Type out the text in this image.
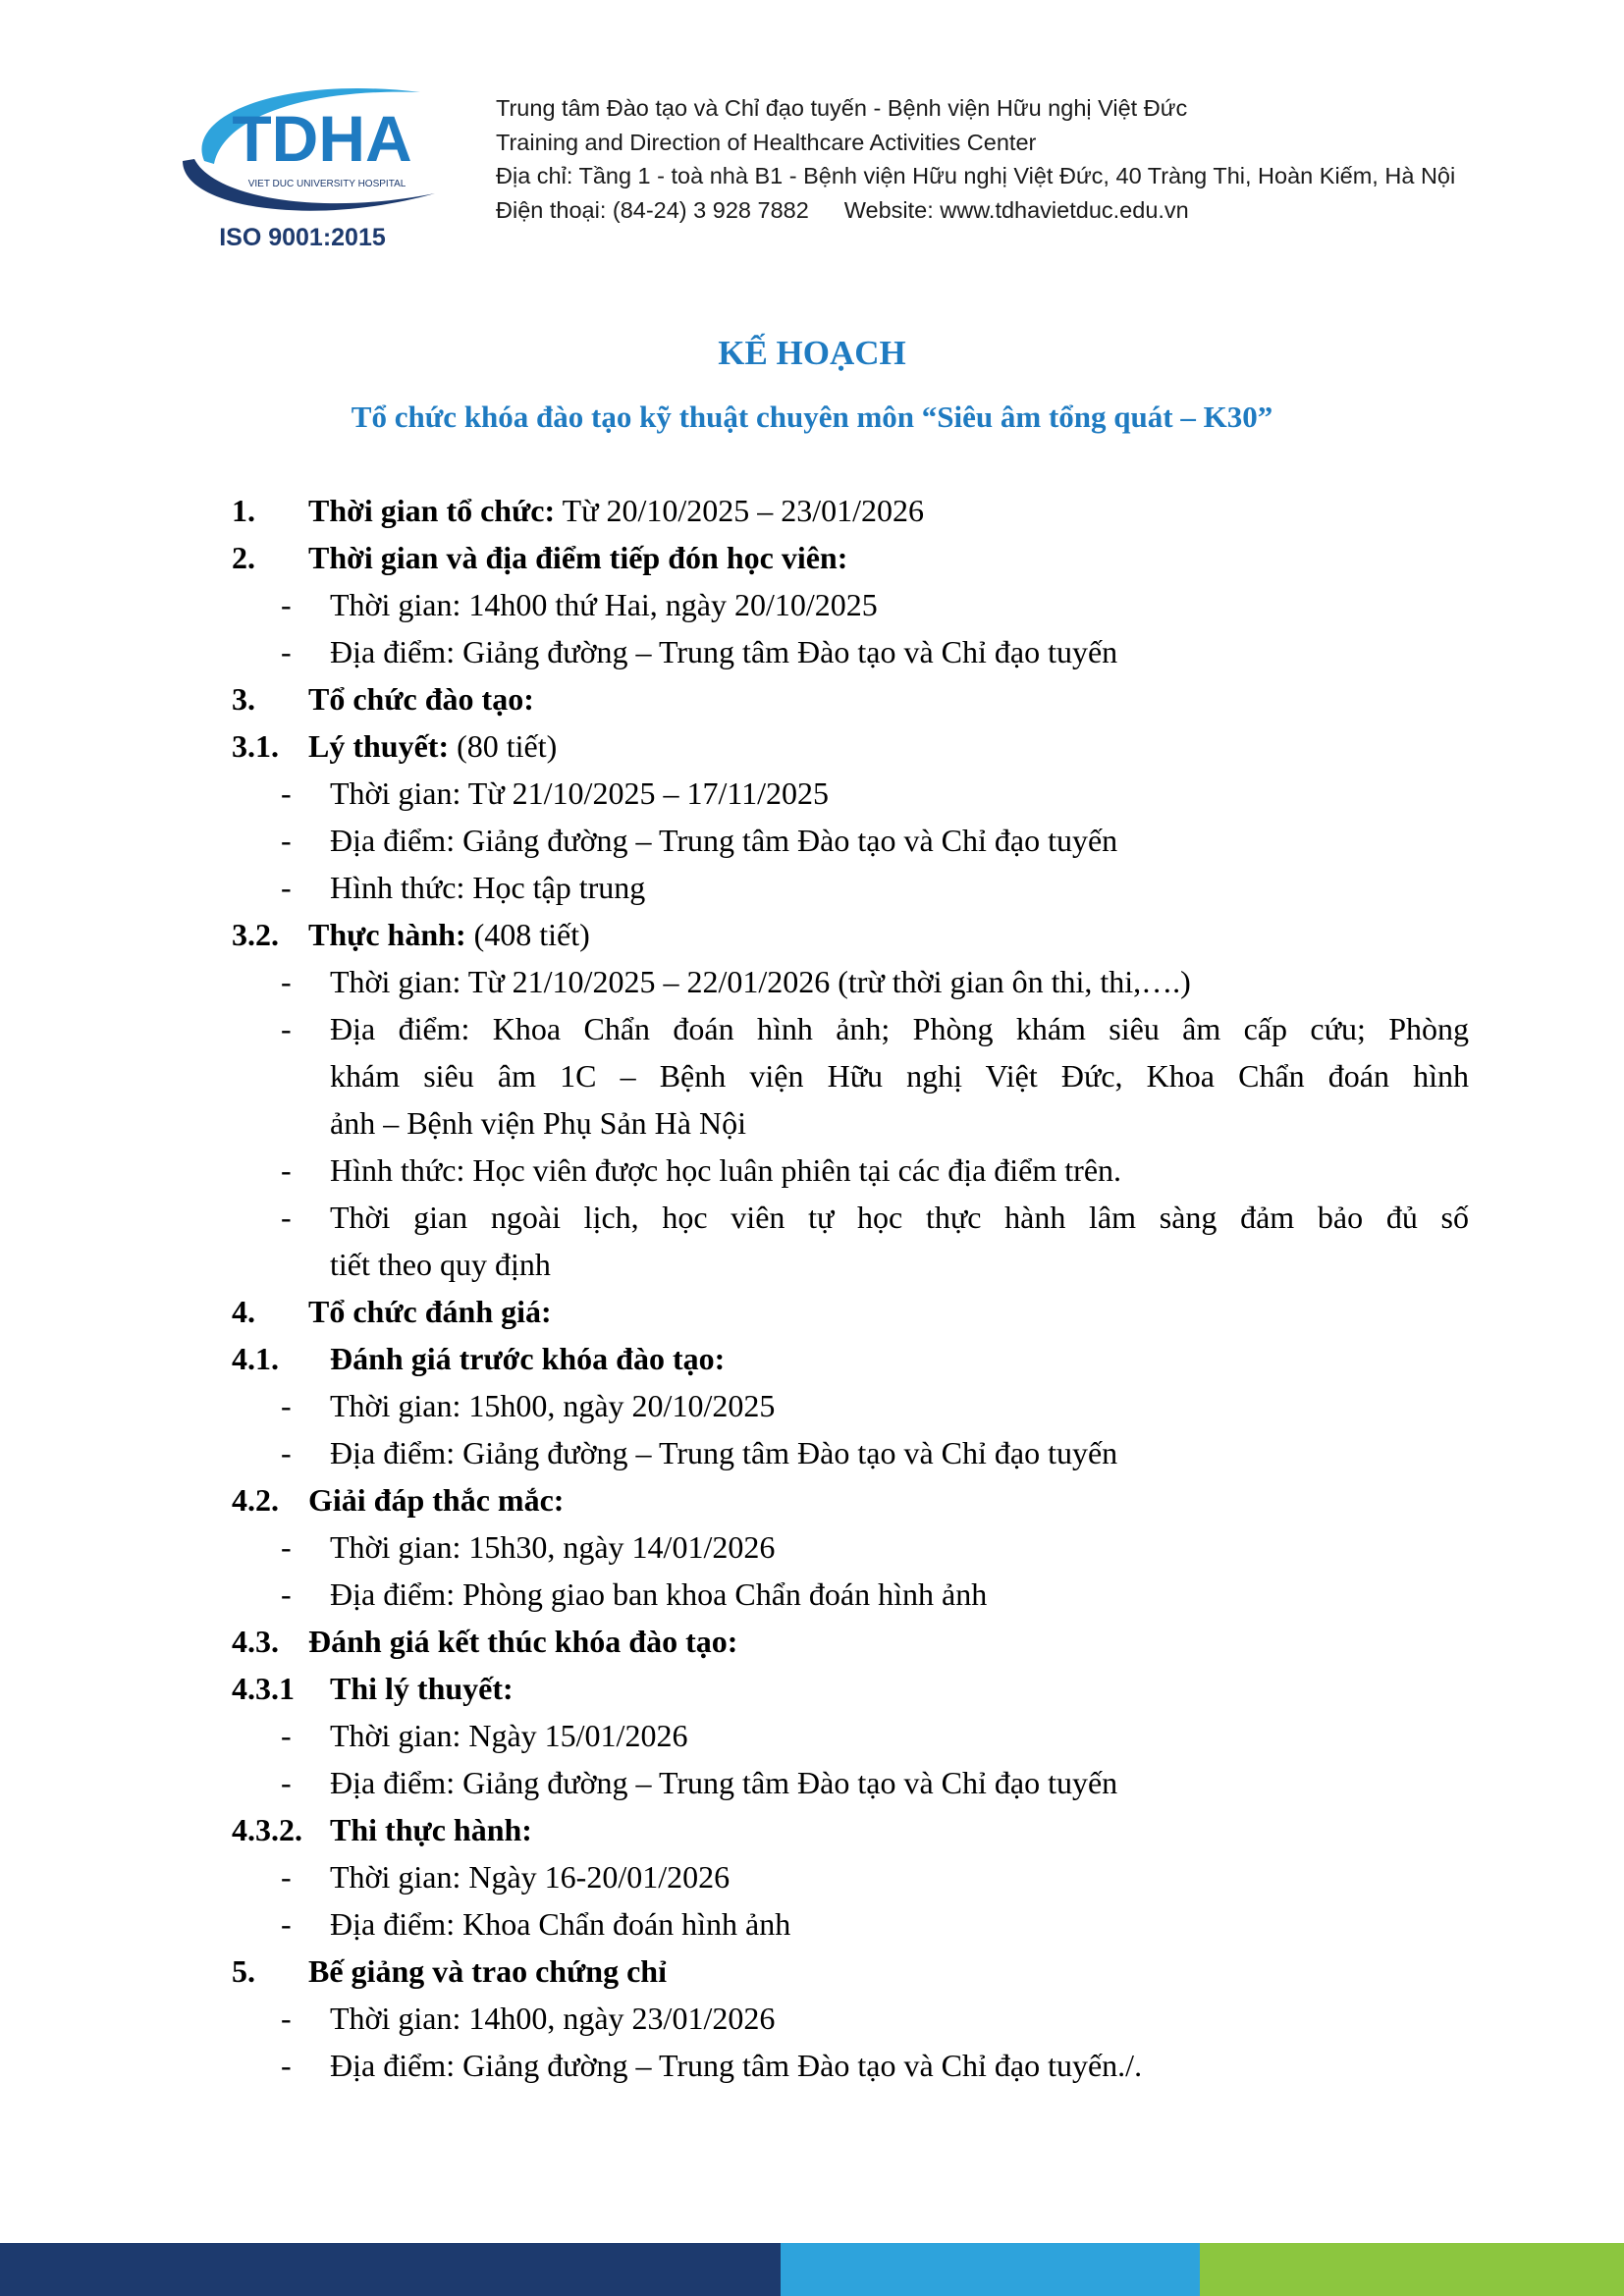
TDHA
VIET DUC UNIVERSITY HOSPITAL
ISO 9001:2015
Trung tâm Đào tạo và Chỉ đạo tuyến - Bệnh viện Hữu nghị Việt Đức
Training and Direction of Healthcare Activities Center
Địa chỉ: Tầng 1 - toà nhà B1 - Bệnh viện Hữu nghị Việt Đức, 40 Tràng Thi, Hoàn Kiếm, Hà Nội
Điện thoại: (84-24) 3 928 7882 Website: www.tdhavietduc.edu.vn
KẾ HOẠCH
Tổ chức khóa đào tạo kỹ thuật chuyên môn “Siêu âm tổng quát – K30”
1. Thời gian tổ chức: Từ 20/10/2025 – 23/01/2026
2. Thời gian và địa điểm tiếp đón học viên:
- Thời gian: 14h00 thứ Hai, ngày 20/10/2025
- Địa điểm: Giảng đường – Trung tâm Đào tạo và Chỉ đạo tuyến
3. Tổ chức đào tạo:
3.1. Lý thuyết: (80 tiết)
- Thời gian: Từ 21/10/2025 – 17/11/2025
- Địa điểm: Giảng đường – Trung tâm Đào tạo và Chỉ đạo tuyến
- Hình thức: Học tập trung
3.2. Thực hành: (408 tiết)
- Thời gian: Từ 21/10/2025 – 22/01/2026 (trừ thời gian ôn thi, thi,….)
- Địa điểm: Khoa Chẩn đoán hình ảnh; Phòng khám siêu âm cấp cứu; Phòng
khám siêu âm 1C – Bệnh viện Hữu nghị Việt Đức, Khoa Chẩn đoán hình
ảnh – Bệnh viện Phụ Sản Hà Nội
- Hình thức: Học viên được học luân phiên tại các địa điểm trên.
- Thời gian ngoài lịch, học viên tự học thực hành lâm sàng đảm bảo đủ số
tiết theo quy định
4. Tổ chức đánh giá:
4.1. Đánh giá trước khóa đào tạo:
- Thời gian: 15h00, ngày 20/10/2025
- Địa điểm: Giảng đường – Trung tâm Đào tạo và Chỉ đạo tuyến
4.2. Giải đáp thắc mắc:
- Thời gian: 15h30, ngày 14/01/2026
- Địa điểm: Phòng giao ban khoa Chẩn đoán hình ảnh
4.3. Đánh giá kết thúc khóa đào tạo:
4.3.1 Thi lý thuyết:
- Thời gian: Ngày 15/01/2026
- Địa điểm: Giảng đường – Trung tâm Đào tạo và Chỉ đạo tuyến
4.3.2. Thi thực hành:
- Thời gian: Ngày 16-20/01/2026
- Địa điểm: Khoa Chẩn đoán hình ảnh
5. Bế giảng và trao chứng chỉ
- Thời gian: 14h00, ngày 23/01/2026
- Địa điểm: Giảng đường – Trung tâm Đào tạo và Chỉ đạo tuyến./.
